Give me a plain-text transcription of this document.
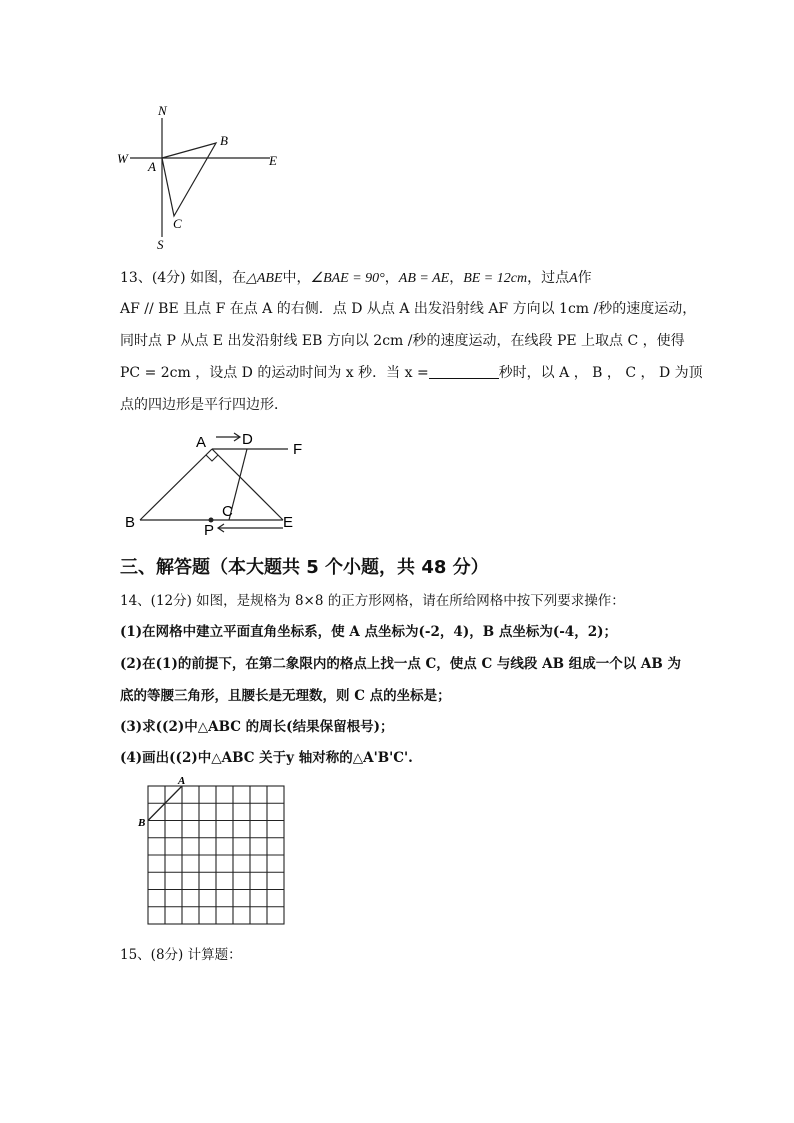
N
S
W	E
A
B
C
13、(4分) 如图，在△ABE中，∠BAE = 90°，AB = AE，BE = 12cm，过点A作
AF // BE 且点 F 在点 A 的右侧．点 D 从点 A 出发沿射线 AF 方向以 1cm /秒的速度运动，
同时点 P 从点 E 出发沿射线 EB 方向以 2cm /秒的速度运动，在线段 PE 上取点 C ，使得
PC = 2cm ，设点 D 的运动时间为 x 秒．当 x =	秒时，以 A ， B ， C ， D 为顶
点的四边形是平行四边形．
A D
F
B
C
P	E
三、解答题（本大题共 5 个小题，共 48 分）
14、(12分) 如图，是规格为 8×8 的正方形网格，请在所给网格中按下列要求操作：
(1)在网格中建立平面直角坐标系，使 A 点坐标为(-2，4)，B 点坐标为(-4，2)；
(2)在(1)的前提下，在第二象限内的格点上找一点 C，使点 C 与线段 AB 组成一个以 AB 为
底的等腰三角形，且腰长是无理数，则 C 点的坐标是；
(3)求((2)中△ABC 的周长(结果保留根号)；
(4)画出((2)中△ABC 关于y 轴对称的△A'B'C'.
A
B
15、(8分) 计算题：
